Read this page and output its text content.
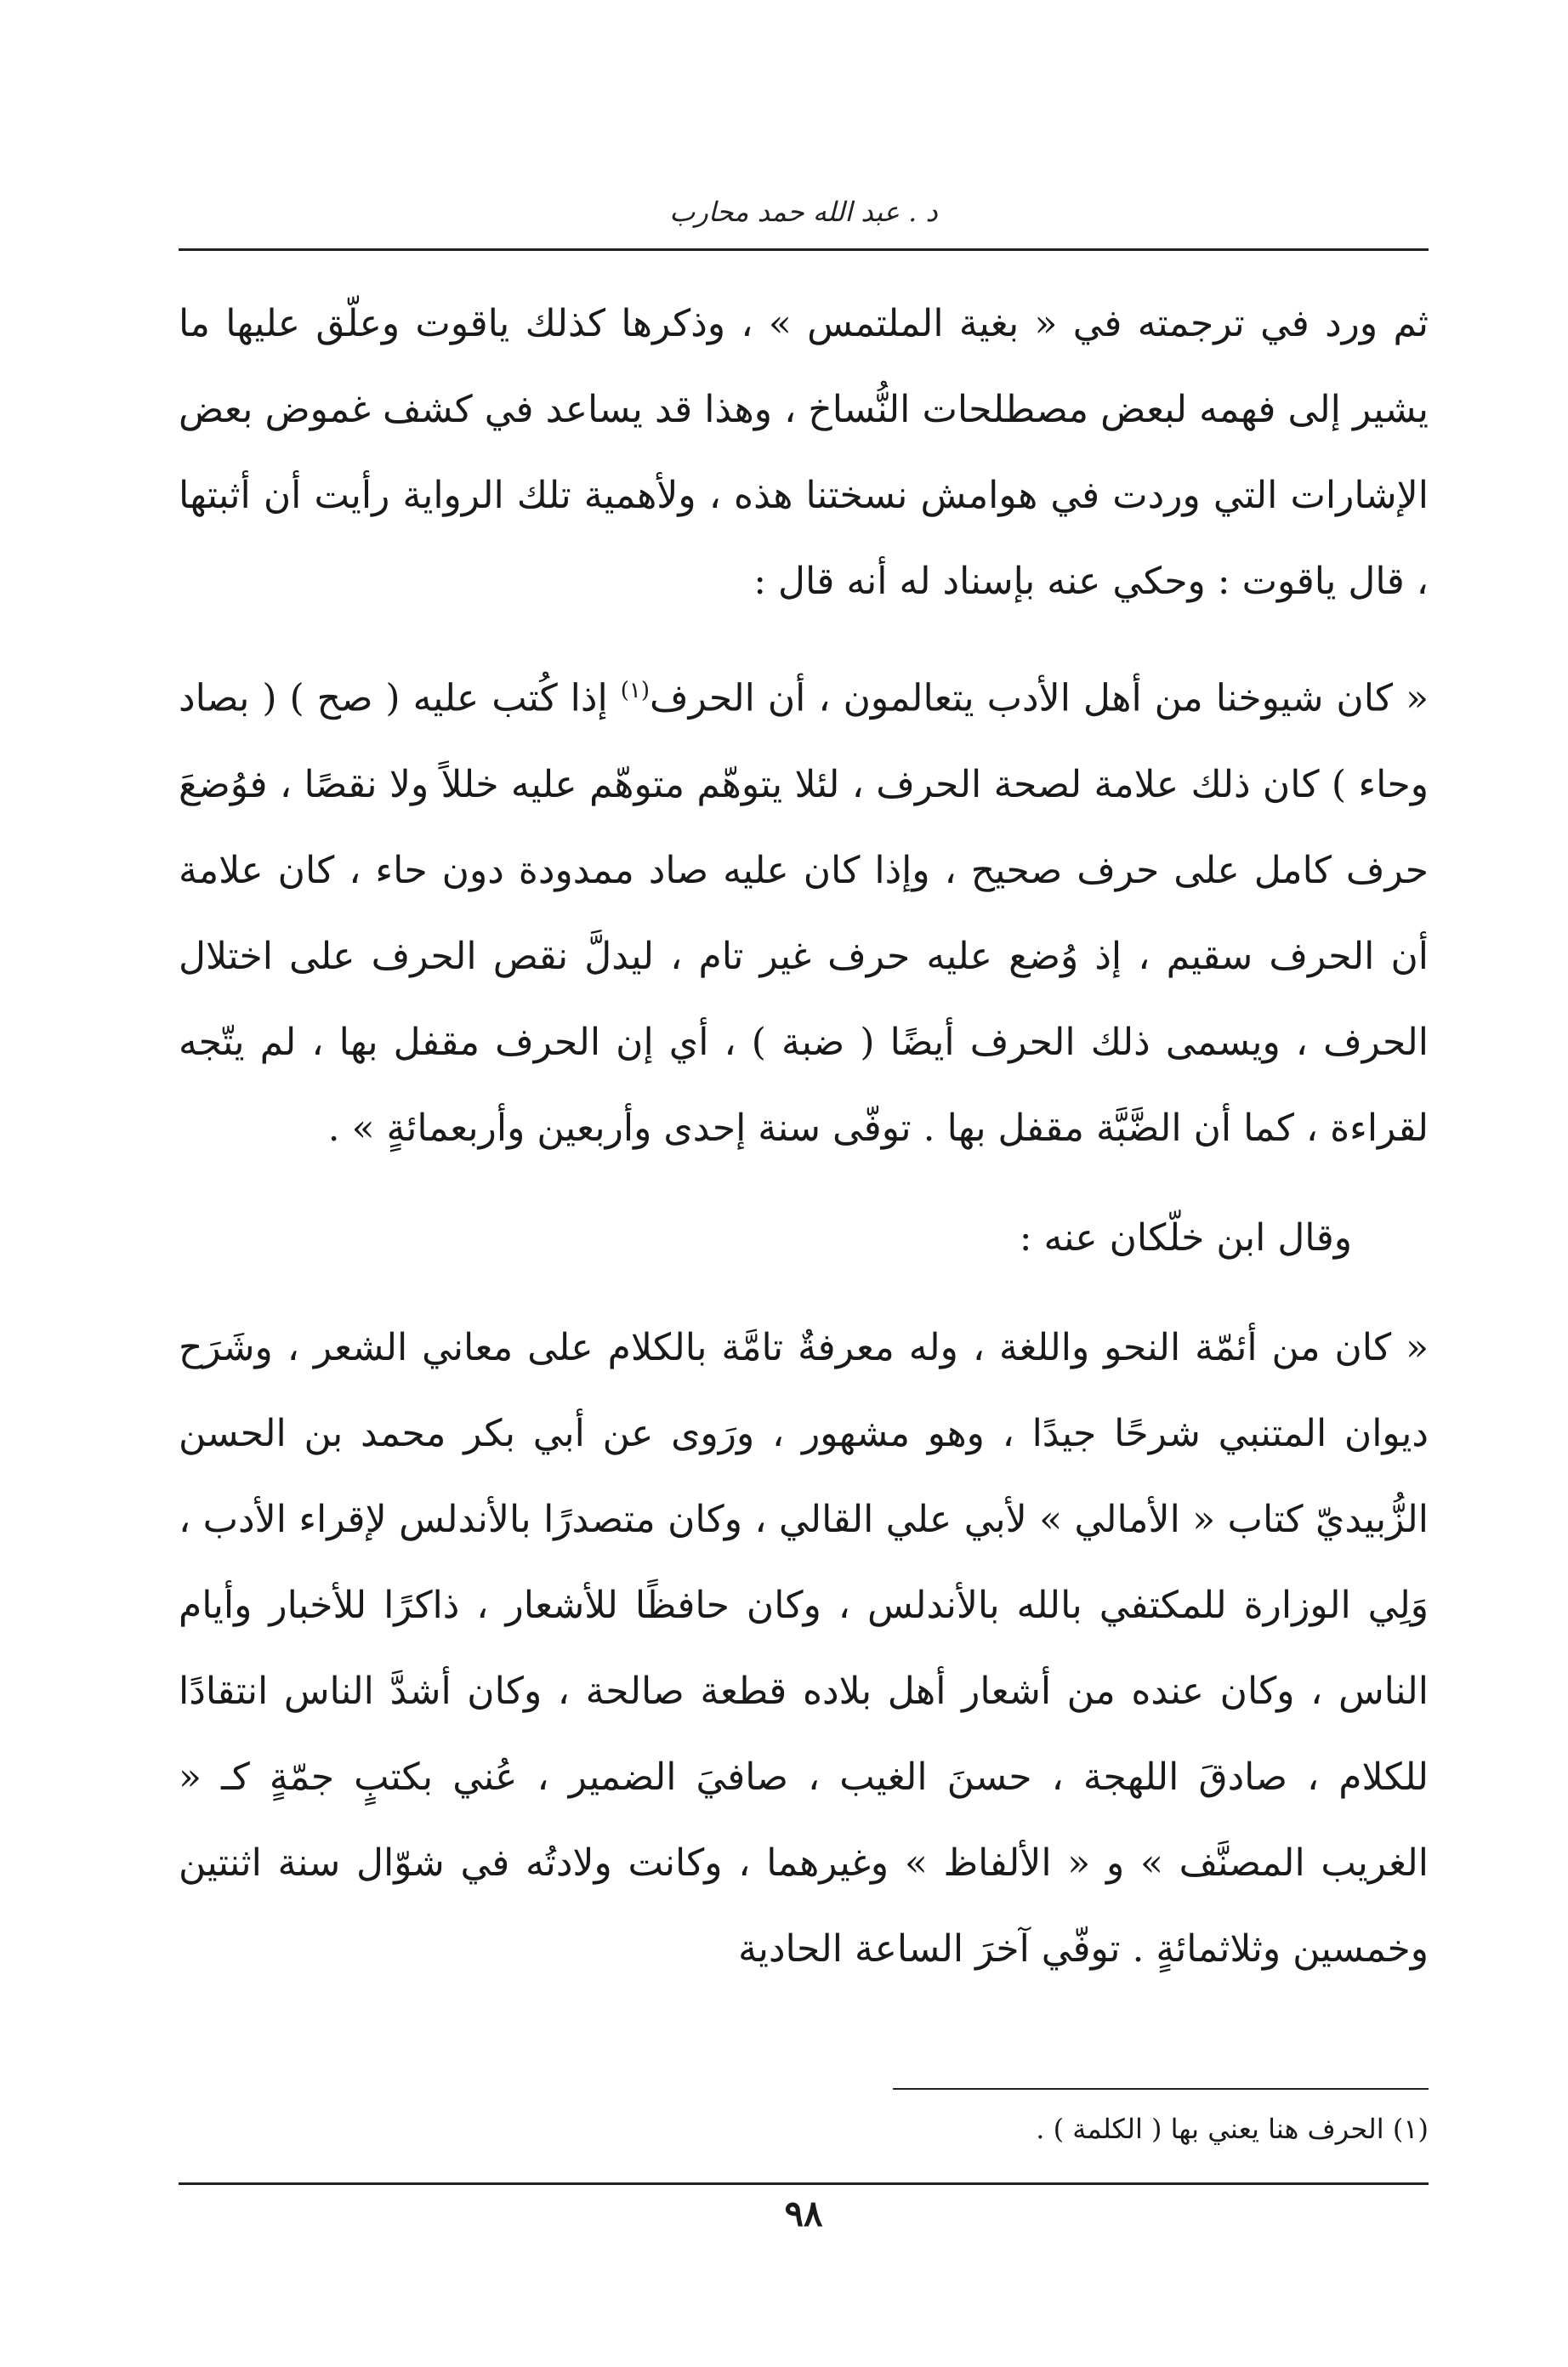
د . عبد الله حمد محارب

ثم ورد في ترجمته في « بغية الملتمس » ، وذكرها كذلك ياقوت وعلّق عليها ما يشير إلى فهمه لبعض مصطلحات النُّساخ ، وهذا قد يساعد في كشف غموض بعض الإشارات التي وردت في هوامش نسختنا هذه ، ولأهمية تلك الرواية رأيت أن أثبتها ، قال ياقوت : وحكي عنه بإسناد له أنه قال :

« كان شيوخنا من أهل الأدب يتعالمون ، أن الحرف$^{(١)}$ إذا كُتب عليه ( صح ) ( بصاد وحاء ) كان ذلك علامة لصحة الحرف ، لئلا يتوهّم متوهّم عليه خللاً ولا نقصًا ، فوُضعَ حرف كامل على حرف صحيح ، وإذا كان عليه صاد ممدودة دون حاء ، كان علامة أن الحرف سقيم ، إذ وُضع عليه حرف غير تام ، ليدلَّ نقص الحرف على اختلال الحرف ، ويسمى ذلك الحرف أيضًا ( ضبة ) ، أي إن الحرف مقفل بها ، لم يتّجه لقراءة ، كما أن الضَّبَّة مقفل بها . توفّى سنة إحدى وأربعين وأربعمائةٍ » .

وقال ابن خلّكان عنه :

« كان من أئمّة النحو واللغة ، وله معرفةٌ تامَّة بالكلام على معاني الشعر ، وشَرَح ديوان المتنبي شرحًا جيدًا ، وهو مشهور ، ورَوى عن أبي بكر محمد بن الحسن الزُّبيديّ كتاب « الأمالي » لأبي علي القالي ، وكان متصدرًا بالأندلس لإقراء الأدب ، وَلِي الوزارة للمكتفي بالله بالأندلس ، وكان حافظًا للأشعار ، ذاكرًا للأخبار وأيام الناس ، وكان عنده من أشعار أهل بلاده قطعة صالحة ، وكان أشدَّ الناس انتقادًا للكلام ، صادقَ اللهجة ، حسنَ الغيب ، صافيَ الضمير ، عُني بكتبٍ جمّةٍ كـ « الغريب المصنَّف » و « الألفاظ » وغيرهما ، وكانت ولادتُه في شوّال سنة اثنتين وخمسين وثلاثمائةٍ . توفّي آخرَ الساعة الحادية

(١) الحرف هنا يعني بها ( الكلمة ) .
٩٨
